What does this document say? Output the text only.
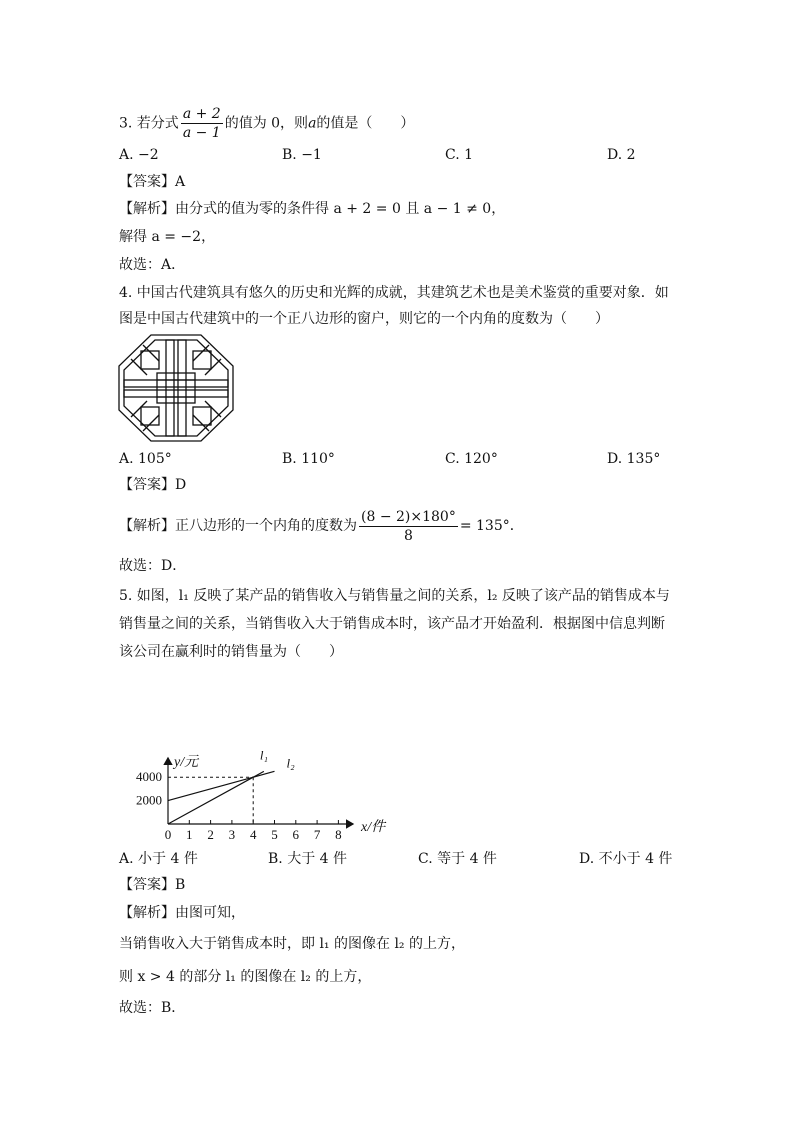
3. 若分式 $\frac{a + 2}{a - 1}$ 的值为 0，则a的值是（　　）
A. −2	B. −1	C. 1	D. 2
【答案】A
【解析】由分式的值为零的条件得 a + 2 = 0 且 a − 1 ≠ 0，
解得 a = −2，
故选：A．
4. 中国古代建筑具有悠久的历史和光辉的成就，其建筑艺术也是美术鉴赏的重要对象．如
图是中国古代建筑中的一个正八边形的窗户，则它的一个内角的度数为（　　）
A. 105°	B. 110°	C. 120°	D. 135°
【答案】D
【解析】正八边形的一个内角的度数为 $\frac{(8 - 2)\times 180^\circ}{8} = 135^\circ$．
故选：D．
5. 如图，l₁ 反映了某产品的销售收入与销售量之间的关系，l₂ 反映了该产品的销售成本与
销售量之间的关系，当销售收入大于销售成本时，该产品才开始盈利．根据图中信息判断
该公司在赢利时的销售量为（　　）
0 1 2 3 4 5 6 7 8
2000
4000
x/件
y/元
l₁
l₂
A. 小于 4 件	B. 大于 4 件	C. 等于 4 件	D. 不小于 4 件
【答案】B
【解析】由图可知，
当销售收入大于销售成本时，即 l₁ 的图像在 l₂ 的上方，
则 x > 4 的部分 l₁ 的图像在 l₂ 的上方，
故选：B．
